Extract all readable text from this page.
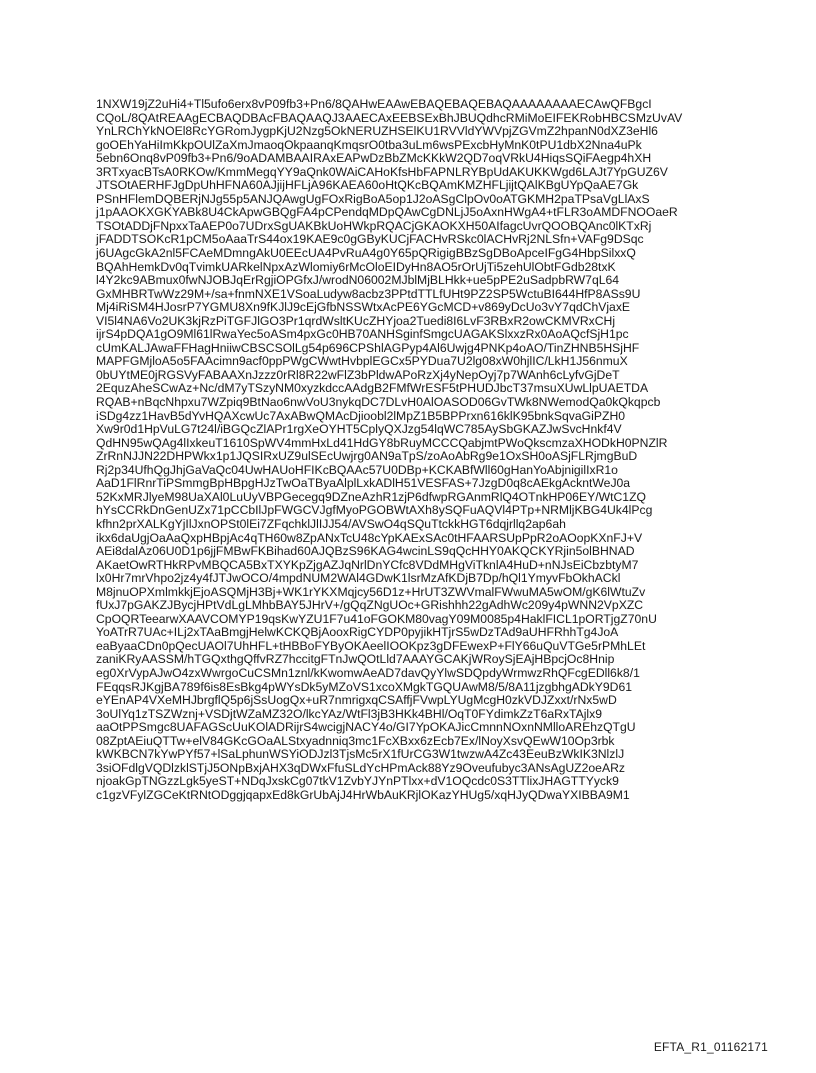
1NXW19jZ2uHi4+Tl5ufo6erx8vP09fb3+Pn6/8QAHwEAAwEBAQEBAQEBAQAAAAAAAAECAwQFBgcI
CQoL/8QAtREAAgECBAQDBAcFBAQAAQJ3AAECAxEEBSExBhJBUQdhcRMiMoEIFEKRobHBCSMzUvAV
YnLRChYkNOEl8RcYGRomJygpKjU2Nzg5OkNERUZHSElKU1RVVldYWVpjZGVmZ2hpanN0dXZ3eHl6
goOEhYaHiImKkpOUlZaXmJmaoqOkpaanqKmqsrO0tba3uLm6wsPExcbHyMnK0tPU1dbX2Nna4uPk
5ebn6Onq8vP09fb3+Pn6/9oADAMBAAIRAxEAPwDzBbZMcKKkW2QD7oqVRkU4HiqsSQiFAegp4hXH
3RTxyacBTsA0RKOw/KmmMegqYY9aQnk0WAiCAHoKfsHbFAPNLRYBpUdAKUKKWgd6LAJt7YpGUZ6V
JTSOtAERHFJgDpUhHFNA60AJjijHFLjA96KAEA60oHtQKcBQAmKMZHFLjijtQAlKBgUYpQaAE7Gk
PSnHFlemDQBERjNJg55p5ANJQAwgUgFOxRigBoA5op1J2oASgClpOv0oATGKMH2paTPsaVgLlAxS
j1pAAOKXGKYABk8U4CkApwGBQgFA4pCPendqMDpQAwCgDNLjJ5oAxnHWgA4+tFLR3oAMDFNOOaeR
TSOtADDjFNpxxTaAEP0o7UDrxSgUAKBkUoHWkpRQACjGKAOKXH50AIfagcUvrQOOBQAnc0lKTxRj
jFADDTSOKcR1pCM5oAaaTrS44ox19KAE9c0gGByKUCjFACHvRSkc0lACHvRj2NLSfn+VAFg9DSqc
j6UAgcGkA2nl5FCAeMDmngAkU0EEcUA4PvRuA4g0Y65pQRigigBBzSgDBoApceIFgG4HbpSilxxQ
BQAhHemkDv0qTvimkUARkelNpxAzWlomiy6rMcOloEIDyHn8AO5rOrUjTi5zehUlObtFGdb28txK
l4Y2kc9ABmux0fwNJOBJqErRgjiOPGfxJ/wrodN06002MJblMjBLHkk+ue5pPE2uSadpbRW7qL64
GxMHBRTwWz29M+/sa+fnmNXE1VSoaLudyw8acbz3PPtdTTLfUHt9PZ2SP5WctuBI644HfP8ASs9U
Mj4iRiSM4HJosrP7YGMU8Xn9fKJlJ9cEjGfbNSSWtxAcPE6YGcMCD+v869yDcUo3vY7qdChVjaxE
VI5l4NA6Vo2UK3kjRzPiTGFJlGO3Pr1qrdWsltKUcZHYjoa2Tuedi8I6LvF3RBxR2owCKMVRxCHj
ijrS4pDQA1gO9Ml61lRwaYec5oASm4pxGc0HB70ANHSginfSmgcUAGAKSlxxzRx0AoAQcfSjH1pc
cUmKALJAwaFFHagHniiwCBSCSOlLg54p696CPShlAGPyp4Al6Uwjg4PNKp4oAO/TinZHNB5HSjHF
MAPFGMjloA5o5FAAcimn9acf0ppPWgCWwtHvbplEGCx5PYDua7U2lg08xW0hjlIC/LkH1J56nmuX
0bUYtME0jRGSVyFABAAXnJzzz0rRl8R22wFlZ3bPldwAPoRzXj4yNepOyj7p7WAnh6cLyfvGjDeT
2EquzAheSCwAz+Nc/dM7yTSzyNM0xyzkdccAAdgB2FMfWrESF5tPHUDJbcT37msuXUwLlpUAETDA
RQAB+nBqcNhpxu7WZpiq9BtNao6nwVoU3nykqDC7DLvH0AlOASOD06GvTWk8NWemodQa0kQkqpcb
iSDg4zz1HavB5dYvHQAXcwUc7AxABwQMAcDjioobl2lMpZ1B5BPPrxn616klK95bnkSqvaGiPZH0
Xw9r0d1HpVuLG7t24l/iBGQcZlAPr1rgXeOYHT5CplyQXJzg54lqWC785AySbGKAZJwSvcHnkf4V
QdHN95wQAg4lIxkeuT1610SpWV4mmHxLd41HdGY8bRuyMCCCQabjmtPWoQkscmzaXHODkH0PNZlR
ZrRnNJJN22DHPWkx1p1JQSIRxUZ9ulSEcUwjrg0AN9aTpS/zoAoAbRg9e1OxSH0oASjFLRjmgBuD
Rj2p34UfhQgJhjGaVaQc04UwHAUoHFIKcBQAAc57U0DBp+KCKABfWll60gHanYoAbjnigilIxR1o
AaD1FlRnrTiPSmmgBpHBpgHJzTwOaTByaAlplLxkADlH51VESFAS+7JzgD0q8cAEkgAckntWeJ0a
52KxMRJlyeM98UaXAl0LuUyVBPGecegq9DZneAzhR1zjP6dfwpRGAnmRlQ4OTnkHP06EY/WtC1ZQ
hYsCCRkDnGenUZx71pCCbIlJpFWGCVJgfMyoPGOBWtAXh8ySQFuAQVl4PTp+NRMljKBG4Uk4lPcg
kfhn2prXALKgYjIlJxnOPSt0lEi7ZFqchklJlIJJ54/AVSwO4qSQuTtckkHGT6dqjrllq2ap6ah
ikx6daUgjOaAaQxpHBpjAc4qTH60w8ZpANxTcU48cYpKAExSAc0tHFAARSUpPpR2oAOopKXnFJ+V
AEi8dalAz06U0D1p6jjFMBwFKBihad60AJQBzS96KAG4wcinLS9qQcHHY0AKQCKYRjin5olBHNAD
AKaetOwRTHkRPvMBQCA5BxTXYKpZjgAZJqNrlDnYCfc8VDdMHgViTknlA4HuD+nNJsEiCbzbtyM7
lx0Hr7mrVhpo2jz4y4fJTJwOCO/4mpdNUM2WAl4GDwK1lsrMzAfKDjB7Dp/hQl1YmyvFbOkhACkl
M8jnuOPXmlmkkjEjoASQMjH3Bj+WK1rYKXMqjcy56D1z+HrUT3ZWVmalFWwuMA5wOM/gK6lWtuZv
fUxJ7pGAKZJBycjHPtVdLgLMhbBAY5JHrV+/gQqZNgUOc+GRishhh22gAdhWc209y4pWNN2VpXZC
CpOQRTeearwXAAVCOMYP19qsKwYZU1F7u41oFGOKM80vagY09M0085p4HaklFICL1pORTjgZ70nU
YoATrR7UAc+ILj2xTAaBmgjHelwKCKQBjAooxRigCYDP0pyjikHTjrS5wDzTAd9aUHFRhhTg4JoA
eaByaaCDn0pQecUAOl7UhHFL+tHBBoFYByOKAeelIOOKpz3gDFEwexP+FlY66uQuVTGe5rPMhLEt
zaniKRyAASSM/hTGQxthgQffvRZ7hccitgFTnJwQOtLld7AAAYGCAKjWRoySjEAjHBpcjOc8Hnip
eg0XrVypAJwO4zxWwrgoCuCSMn1znl/kKwomwAeAD7davQyYlwSDQpdyWrmwzRhQFcgEDll6k8/1
FEqqsRJKgjBA789f6is8EsBkg4pWYsDk5yMZoVS1xcoXMgkTGQUAwM8/5/8A11jzgbhgADkY9D61
eYEnAP4VXeMHJbrgflQ5p6jSsUogQx+uR7nmrigxqCSAffjFVwpLYUgMcgH0zkVDJZxxt/rNx5wD
3oUlYq1zTSZWznj+VSDjtWZaMZ32O/lkcYAz/WtFl3jB3HKk4BHl/OqT0FYdimkZzT6aRxTAjlx9
aaOtPPSmgc8UAFAGScUuKOlADRijrS4wcigjNACY4o/GI7YpOKAJicCmnnNOxnNMlloAREhzQTgU
08ZptAEiuQTTw+elV84GKcGOaALStxyadnniq3mc1FcXBxx6zEcb7Ex/lNoyXsvQEwW10Op3rbk
kWKBCN7kYwPYf57+lSaLphunWSYiODJzl3TjsMc5rX1fUrCG3W1twzwA4Zc43EeuBzWkIK3NlzlJ
3siOFdlgVQDlzklSTjJ5ONpBxjAHX3qDWxFfuSLdYcHPmAck88Yz9Oveufubyc3ANsAgUZ2oeARz
njoakGpTNGzzLgk5yeST+NDqJxskCg07tkV1ZvbYJYnPTlxx+dV1OQcdc0S3TTlixJHAGTTYyck9
c1gzVFylZGCeKtRNtODggjqapxEd8kGrUbAjJ4HrWbAuKRjlOKazYHUg5/xqHJyQDwaYXIBBA9M1
EFTA_R1_01162171
